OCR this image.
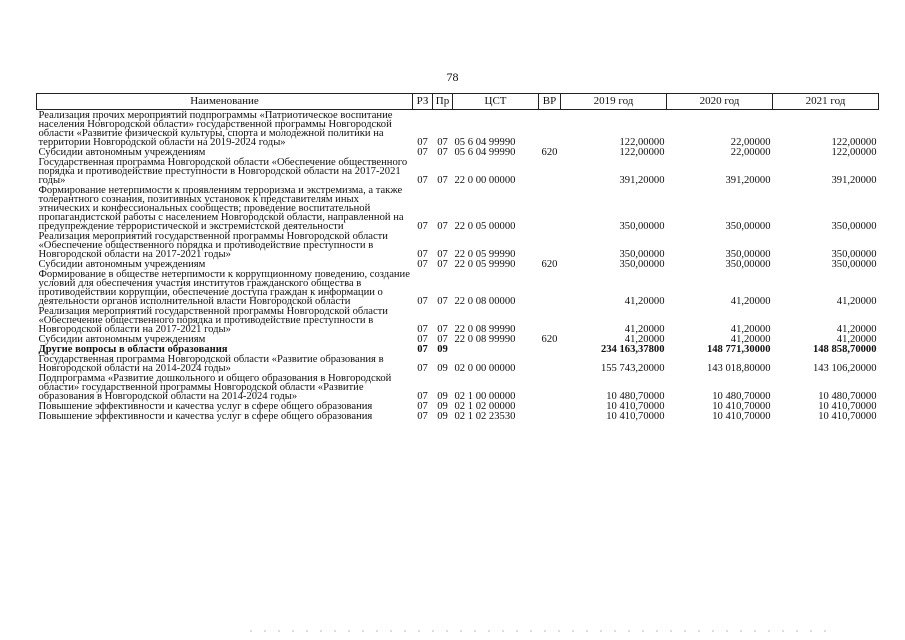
78
Наименование	РЗ	Пр	ЦСТ	ВР	2019 год	2020 год	2021 год

Реализация прочих мероприятий подпрограммы «Патриотическое воспитание населения Новгородской области» государственной программы Новгородской области «Развитие физической культуры, спорта и молодежной политики на территории Новгородской области на 2019-2024 годы»	07	07	05 6 04 99990		122,00000	22,00000	122,00000

Субсидии автономным учреждениям	07	07	05 6 04 99990	620	122,00000	22,00000	122,00000

Государственная программа Новгородской области «Обеспечение общественного порядка и противодействие преступности в Новгородской области на 2017-2021 годы»	07	07	22 0 00 00000		391,20000	391,20000	391,20000

Формирование нетерпимости к проявлениям терроризма и экстремизма, а также толерантного сознания, позитивных установок к представителям иных этнических и конфессиональных сообществ; проведение воспитательной пропагандистской работы с населением Новгородской области, направленной на предупреждение террористической и экстремистской деятельности	07	07	22 0 05 00000		350,00000	350,00000	350,00000

Реализация мероприятий государственной программы Новгородской области «Обеспечение общественного порядка и противодействие преступности в Новгородской области на 2017-2021 годы»	07	07	22 0 05 99990		350,00000	350,00000	350,00000

Субсидии автономным учреждениям	07	07	22 0 05 99990	620	350,00000	350,00000	350,00000

Формирование в обществе нетерпимости к коррупционному поведению, создание условий для обеспечения участия институтов гражданского общества в противодействии коррупции, обеспечение доступа граждан к информации о деятельности органов исполнительной власти Новгородской области	07	07	22 0 08 00000		41,20000	41,20000	41,20000

Реализация мероприятий государственной программы Новгородской области «Обеспечение общественного порядка и противодействие преступности в Новгородской области на 2017-2021 годы»	07	07	22 0 08 99990		41,20000	41,20000	41,20000

Субсидии автономным учреждениям	07	07	22 0 08 99990	620	41,20000	41,20000	41,20000

Другие вопросы в области образования	07	09			234 163,37800	148 771,30000	148 858,70000

Государственная программа Новгородской области «Развитие образования в Новгородской области на 2014-2024 годы»	07	09	02 0 00 00000		155 743,20000	143 018,80000	143 106,20000

Подпрограмма «Развитие дошкольного и общего образования в Новгородской области» государственной программы Новгородской области «Развитие образования в Новгородской области на 2014-2024 годы»	07	09	02 1 00 00000		10 480,70000	10 480,70000	10 480,70000

Повышение эффективности и качества услуг в сфере общего образования	07	09	02 1 02 00000		10 410,70000	10 410,70000	10 410,70000

Повышение эффективности и качества услуг в сфере общего образования	07	09	02 1 02 23530		10 410,70000	10 410,70000	10 410,70000
